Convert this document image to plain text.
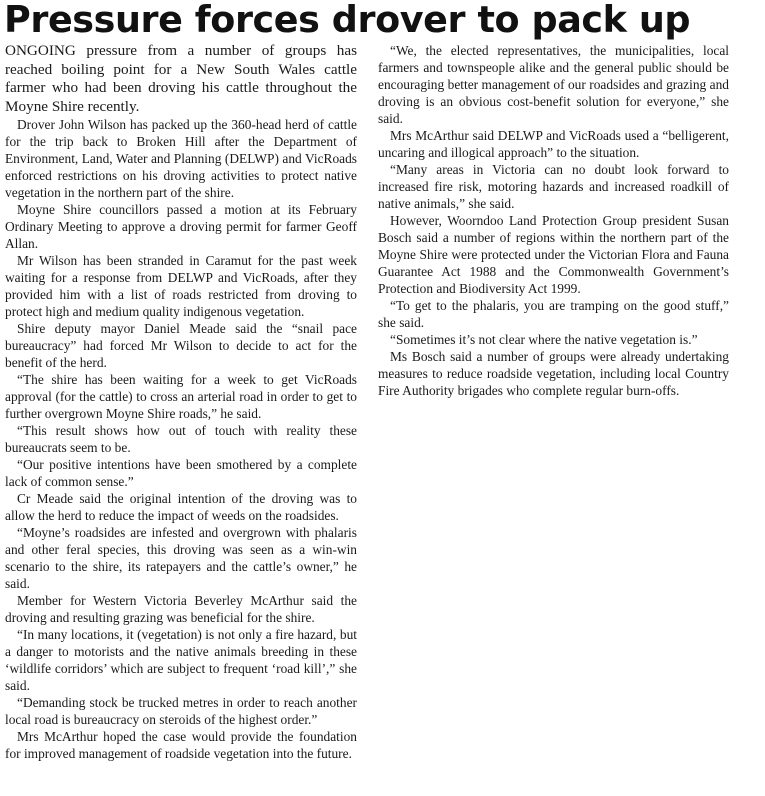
Pressure forces drover to pack up

ONGOING pressure from a number of groups has reached boiling point for a New South Wales cattle farmer who had been droving his cattle throughout the Moyne Shire recently.

Drover John Wilson has packed up the 360-head herd of cattle for the trip back to Broken Hill after the Department of Environment, Land, Water and Planning (DELWP) and VicRoads enforced restrictions on his droving activities to protect native vegetation in the northern part of the shire.

Moyne Shire councillors passed a motion at its February Ordinary Meeting to approve a droving permit for farmer Geoff Allan.

Mr Wilson has been stranded in Caramut for the past week waiting for a response from DELWP and VicRoads, after they provided him with a list of roads restricted from droving to protect high and medium quality indigenous vegetation.

Shire deputy mayor Daniel Meade said the “snail pace bureaucracy” had forced Mr Wilson to decide to act for the benefit of the herd.

“The shire has been waiting for a week to get VicRoads approval (for the cattle) to cross an arterial road in order to get to further overgrown Moyne Shire roads,” he said.

“This result shows how out of touch with reality these bureaucrats seem to be.

“Our positive intentions have been smothered by a complete lack of common sense.”

Cr Meade said the original intention of the droving was to allow the herd to reduce the impact of weeds on the roadsides.

“Moyne’s roadsides are infested and overgrown with phalaris and other feral species, this droving was seen as a win-win scenario to the shire, its ratepayers and the cattle’s owner,” he said.

Member for Western Victoria Beverley McArthur said the droving and resulting grazing was beneficial for the shire.

“In many locations, it (vegetation) is not only a fire hazard, but a danger to motorists and the native animals breeding in these ‘wildlife corridors’ which are subject to frequent ‘road kill’,” she said.

“Demanding stock be trucked metres in order to reach another local road is bureaucracy on steroids of the highest order.”

Mrs McArthur hoped the case would provide the foundation for improved management of roadside vegetation into the future.

“We, the elected representatives, the municipalities, local farmers and townspeople alike and the general public should be encouraging better management of our roadsides and grazing and droving is an obvious cost-benefit solution for everyone,” she said.

Mrs McArthur said DELWP and VicRoads used a “belligerent, uncaring and illogical approach” to the situation.

“Many areas in Victoria can no doubt look forward to increased fire risk, motoring hazards and increased roadkill of native animals,” she said.

However, Woorndoo Land Protection Group president Susan Bosch said a number of regions within the northern part of the Moyne Shire were protected under the Victorian Flora and Fauna Guarantee Act 1988 and the Commonwealth Government’s Protection and Biodiversity Act 1999.

“To get to the phalaris, you are tramping on the good stuff,” she said.

“Sometimes it’s not clear where the native vegetation is.”

Ms Bosch said a number of groups were already undertaking measures to reduce roadside vegetation, including local Country Fire Authority brigades who complete regular burn-offs.
